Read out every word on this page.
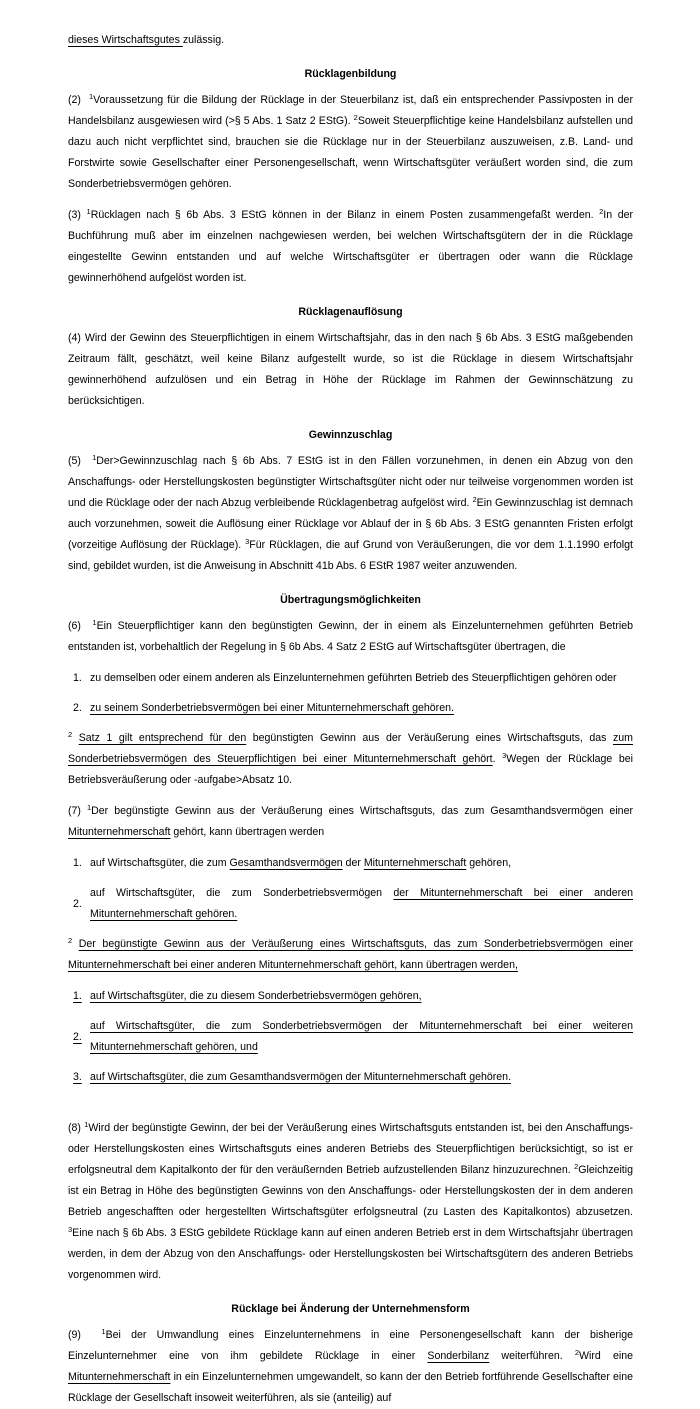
dieses Wirtschaftsgutes zulässig.

Rücklagenbildung

(2)  $^1$Voraussetzung für die Bildung der Rücklage in der Steuerbilanz ist, daß ein entsprechender Passivposten in der Handelsbilanz ausgewiesen wird (>§ 5 Abs. 1 Satz 2 EStG). $^2$Soweit Steuerpflichtige keine Handelsbilanz aufstellen und dazu auch nicht verpflichtet sind, brauchen sie die Rücklage nur in der Steuerbilanz auszuweisen, z.B. Land- und Forstwirte sowie Gesellschafter einer Personengesellschaft, wenn Wirtschaftsgüter veräußert worden sind, die zum Sonderbetriebsvermögen gehören.

(3) $^1$Rücklagen nach § 6b Abs. 3 EStG können in der Bilanz in einem Posten zusammengefaßt werden. $^2$In der Buchführung muß aber im einzelnen nachgewiesen werden, bei welchen Wirtschaftsgütern der in die Rücklage eingestellte Gewinn entstanden und auf welche Wirtschaftsgüter er übertragen oder wann die Rücklage gewinnerhöhend aufgelöst worden ist.

Rücklagenauflösung

(4) Wird der Gewinn des Steuerpflichtigen in einem Wirtschaftsjahr, das in den nach § 6b Abs. 3 EStG maßgebenden Zeitraum fällt, geschätzt, weil keine Bilanz aufgestellt wurde, so ist die Rücklage in diesem Wirtschaftsjahr gewinnerhöhend aufzulösen und ein Betrag in Höhe der Rücklage im Rahmen der Gewinnschätzung zu berücksichtigen.

Gewinnzuschlag

(5)  $^1$Der>Gewinnzuschlag nach § 6b Abs. 7 EStG ist in den Fällen vorzunehmen, in denen ein Abzug von den Anschaffungs- oder Herstellungskosten begünstigter Wirtschaftsgüter nicht oder nur teilweise vorgenommen worden ist und die Rücklage oder der nach Abzug verbleibende Rücklagenbetrag aufgelöst wird. $^2$Ein Gewinnzuschlag ist demnach auch vorzunehmen, soweit die Auflösung einer Rücklage vor Ablauf der in § 6b Abs. 3 EStG genannten Fristen erfolgt (vorzeitige Auflösung der Rücklage). $^3$Für Rücklagen, die auf Grund von Veräußerungen, die vor dem 1.1.1990 erfolgt sind, gebildet wurden, ist die Anweisung in Abschnitt 41b Abs. 6 EStR 1987 weiter anzuwenden.

Übertragungsmöglichkeiten

(6)  $^1$Ein Steuerpflichtiger kann den begünstigten Gewinn, der in einem als Einzelunternehmen geführten Betrieb entstanden ist, vorbehaltlich der Regelung in § 6b Abs. 4 Satz 2 EStG auf Wirtschaftsgüter übertragen, die

1. zu demselben oder einem anderen als Einzelunternehmen geführten Betrieb des Steuerpflichtigen gehören oder
2. zu seinem Sonderbetriebsvermögen bei einer Mitunternehmerschaft gehören.

$^2$ Satz 1 gilt entsprechend für den begünstigten Gewinn aus der Veräußerung eines Wirtschaftsguts, das zum Sonderbetriebsvermögen des Steuerpflichtigen bei einer Mitunternehmerschaft gehört. $^3$Wegen der Rücklage bei Betriebsveräußerung oder -aufgabe>Absatz 10.

(7) $^1$Der begünstigte Gewinn aus der Veräußerung eines Wirtschaftsguts, das zum Gesamthandsvermögen einer Mitunternehmerschaft gehört, kann übertragen werden

1. auf Wirtschaftsgüter, die zum Gesamthandsvermögen der Mitunternehmerschaft gehören,
2.
auf Wirtschaftsgüter, die zum Sonderbetriebsvermögen der Mitunternehmerschaft bei einer anderen Mitunternehmerschaft gehören.

$^2$ Der begünstigte Gewinn aus der Veräußerung eines Wirtschaftsguts, das zum Sonderbetriebsvermögen einer Mitunternehmerschaft bei einer anderen Mitunternehmerschaft gehört, kann übertragen werden,

1. auf Wirtschaftsgüter, die zu diesem Sonderbetriebsvermögen gehören,
2.
auf Wirtschaftsgüter, die zum Sonderbetriebsvermögen der Mitunternehmerschaft bei einer weiteren Mitunternehmerschaft gehören, und
3. auf Wirtschaftsgüter, die zum Gesamthandsvermögen der Mitunternehmerschaft gehören.

(8) $^1$Wird der begünstigte Gewinn, der bei der Veräußerung eines Wirtschaftsguts entstanden ist, bei den Anschaffungs- oder Herstellungskosten eines Wirtschaftsguts eines anderen Betriebs des Steuerpflichtigen berücksichtigt, so ist er erfolgsneutral dem Kapitalkonto der für den veräußernden Betrieb aufzustellenden Bilanz hinzuzurechnen. $^2$Gleichzeitig ist ein Betrag in Höhe des begünstigten Gewinns von den Anschaffungs- oder Herstellungskosten der in dem anderen Betrieb angeschafften oder hergestellten Wirtschaftsgüter erfolgsneutral (zu Lasten des Kapitalkontos) abzusetzen. $^3$Eine nach § 6b Abs. 3 EStG gebildete Rücklage kann auf einen anderen Betrieb erst in dem Wirtschaftsjahr übertragen werden, in dem der Abzug von den Anschaffungs- oder Herstellungskosten bei Wirtschaftsgütern des anderen Betriebs vorgenommen wird.

Rücklage bei Änderung der Unternehmensform

(9)  $^1$Bei der Umwandlung eines Einzelunternehmens in eine Personengesellschaft kann der bisherige Einzelunternehmer eine von ihm gebildete Rücklage in einer Sonderbilanz weiterführen. $^2$Wird eine Mitunternehmerschaft in ein Einzelunternehmen umgewandelt, so kann der den Betrieb fortführende Gesellschafter eine Rücklage der Gesellschaft insoweit weiterführen, als sie (anteilig) auf
